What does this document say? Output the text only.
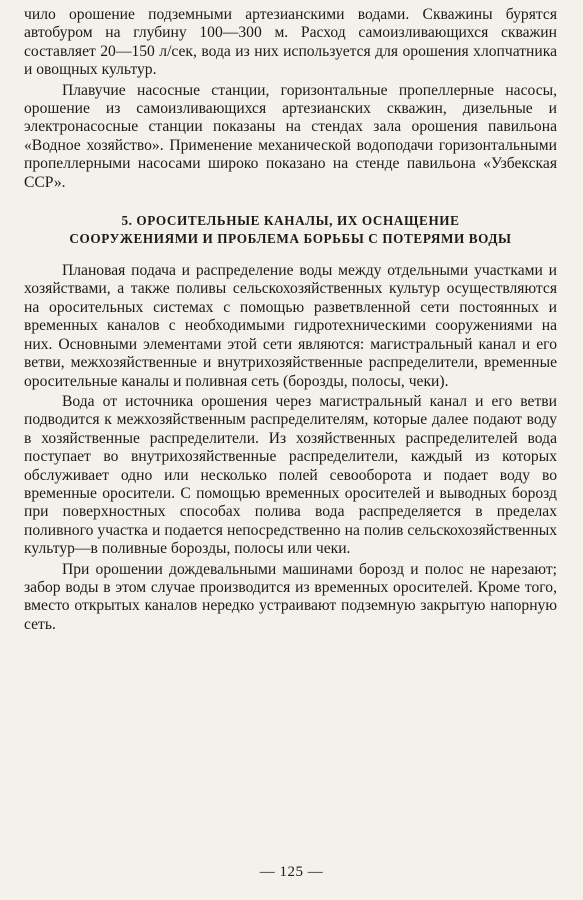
чило орошение подземными артезианскими водами. Скважины бурятся автобуром на глубину 100—300 м. Расход самоизливающихся скважин составляет 20—150 л/сек, вода из них используется для орошения хлопчатника и овощных культур.

Плавучие насосные станции, горизонтальные пропеллерные насосы, орошение из самоизливающихся артезианских скважин, дизельные и электронасосные станции показаны на стендах зала орошения павильона «Водное хозяйство». Применение механической водоподачи горизонтальными пропеллерными насосами широко показано на стенде павильона «Узбекская ССР».

5. ОРОСИТЕЛЬНЫЕ КАНАЛЫ, ИХ ОСНАЩЕНИЕ
СООРУЖЕНИЯМИ И ПРОБЛЕМА БОРЬБЫ С ПОТЕРЯМИ ВОДЫ

Плановая подача и распределение воды между отдельными участками и хозяйствами, а также поливы сельскохозяйственных культур осуществляются на оросительных системах с помощью разветвленной сети постоянных и временных каналов с необходимыми гидротехническими сооружениями на них. Основными элементами этой сети являются: магистральный канал и его ветви, межхозяйственные и внутрихозяйственные распределители, временные оросительные каналы и поливная сеть (борозды, полосы, чеки).

Вода от источника орошения через магистральный канал и его ветви подводится к межхозяйственным распределителям, которые далее подают воду в хозяйственные распределители. Из хозяйственных распределителей вода поступает во внутрихозяйственные распределители, каждый из которых обслуживает одно или несколько полей севооборота и подает воду во временные оросители. С помощью временных оросителей и выводных борозд при поверхностных способах полива вода распределяется в пределах поливного участка и подается непосредственно на полив сельскохозяйственных культур—в поливные борозды, полосы или чеки.

При орошении дождевальными машинами борозд и полос не нарезают; забор воды в этом случае производится из временных оросителей. Кроме того, вместо открытых каналов нередко устраивают подземную закрытую напорную сеть.

— 125 —
